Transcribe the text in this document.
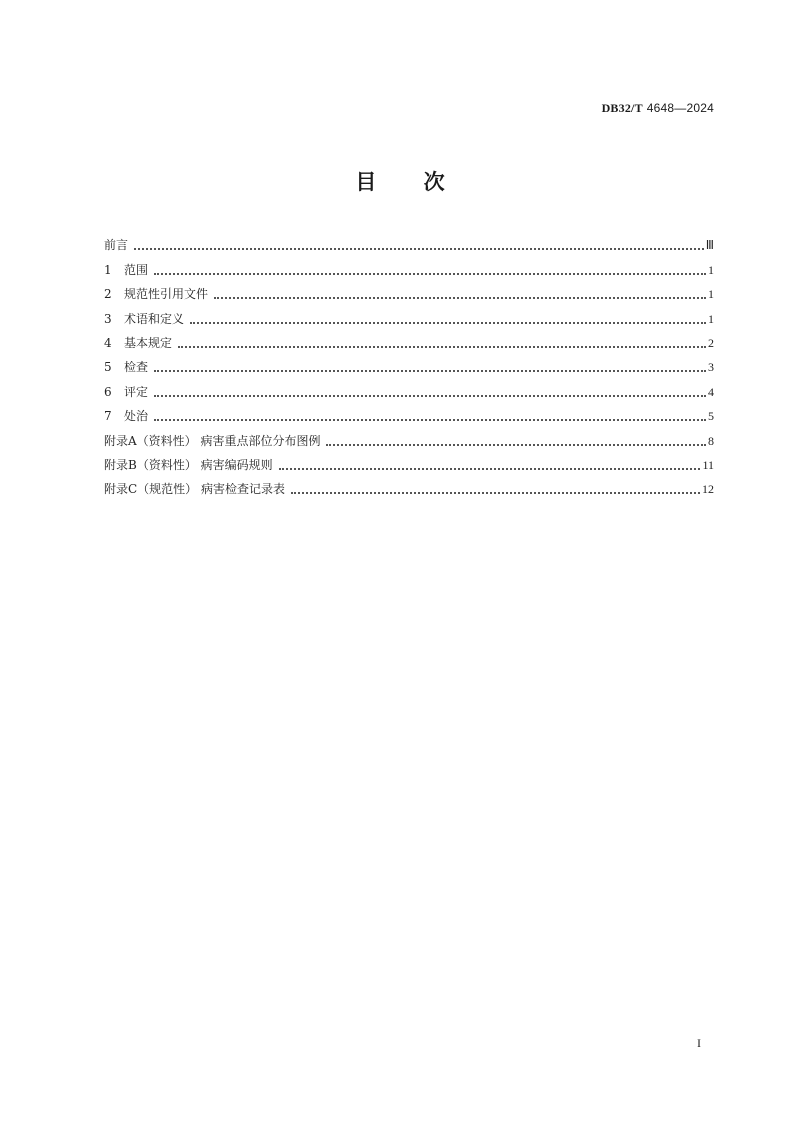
DB32/T 4648—2024
目 次
前言	Ⅲ
1	范围	1
2	规范性引用文件	1
3	术语和定义	1
4	基本规定	2
5	检查	3
6	评定	4
7	处治	5
附录A（资料性） 病害重点部位分布图例	8
附录B（资料性） 病害编码规则	11
附录C（规范性） 病害检查记录表	12
I
